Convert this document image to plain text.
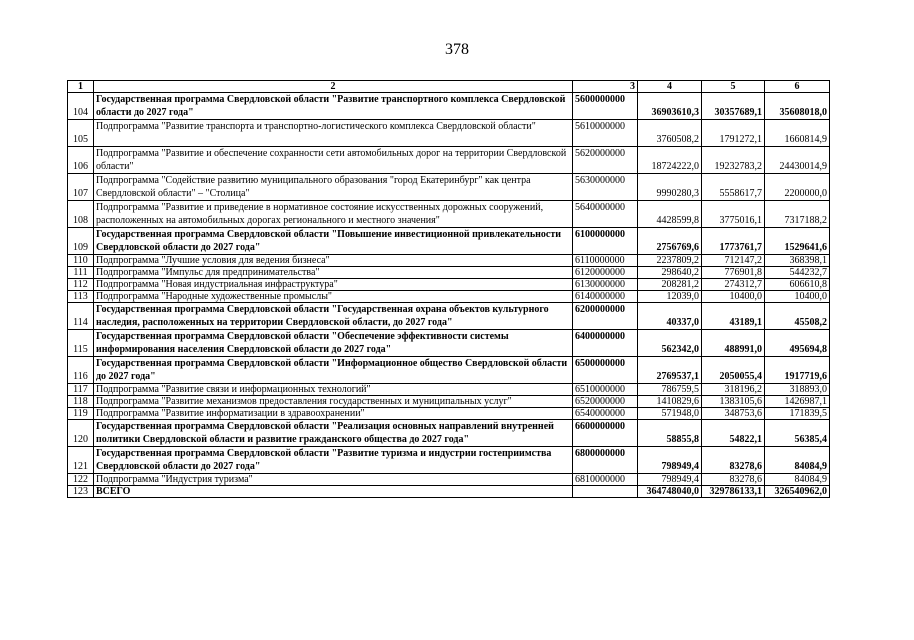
378
1	2	3	4	5	6
104	Государственная программа Свердловской области "Развитие транспортного комплекса Свердловской области до 2027 года"	5600000000	36903610,3	30357689,1	35608018,0
105	Подпрограмма "Развитие транспорта и транспортно-логистического комплекса Свердловской области"	5610000000	3760508,2	1791272,1	1660814,9
106	Подпрограмма "Развитие и обеспечение сохранности сети автомобильных дорог на территории Свердловской области"	5620000000	18724222,0	19232783,2	24430014,9
107	Подпрограмма "Содействие развитию муниципального образования "город Екатеринбург" как центра Свердловской области" – "Столица"	5630000000	9990280,3	5558617,7	2200000,0
108	Подпрограмма "Развитие и приведение в нормативное состояние искусственных дорожных сооружений, расположенных на автомобильных дорогах регионального и местного значения"	5640000000	4428599,8	3775016,1	7317188,2
109	Государственная программа Свердловской области "Повышение инвестиционной привлекательности Свердловской области до 2027 года"	6100000000	2756769,6	1773761,7	1529641,6
110	Подпрограмма "Лучшие условия для ведения бизнеса"	6110000000	2237809,2	712147,2	368398,1
111	Подпрограмма "Импульс для предпринимательства"	6120000000	298640,2	776901,8	544232,7
112	Подпрограмма "Новая индустриальная инфраструктура"	6130000000	208281,2	274312,7	606610,8
113	Подпрограмма "Народные художественные промыслы"	6140000000	12039,0	10400,0	10400,0
114	Государственная программа Свердловской области "Государственная охрана объектов культурного наследия, расположенных на территории Свердловской области, до 2027 года"	6200000000	40337,0	43189,1	45508,2
115	Государственная программа Свердловской области "Обеспечение эффективности системы информирования населения Свердловской области до 2027 года"	6400000000	562342,0	488991,0	495694,8
116	Государственная программа Свердловской области "Информационное общество Свердловской области до 2027 года"	6500000000	2769537,1	2050055,4	1917719,6
117	Подпрограмма "Развитие связи и информационных технологий"	6510000000	786759,5	318196,2	318893,0
118	Подпрограмма "Развитие механизмов предоставления государственных и муниципальных услуг"	6520000000	1410829,6	1383105,6	1426987,1
119	Подпрограмма "Развитие информатизации в здравоохранении"	6540000000	571948,0	348753,6	171839,5
120	Государственная программа Свердловской области "Реализация основных направлений внутренней политики Свердловской области и развитие гражданского общества до 2027 года"	6600000000	58855,8	54822,1	56385,4
121	Государственная программа Свердловской области "Развитие туризма и индустрии гостеприимства Свердловской области до 2027 года"	6800000000	798949,4	83278,6	84084,9
122	Подпрограмма "Индустрия туризма"	6810000000	798949,4	83278,6	84084,9
123	ВСЕГО		364748040,0	329786133,1	326540962,0
